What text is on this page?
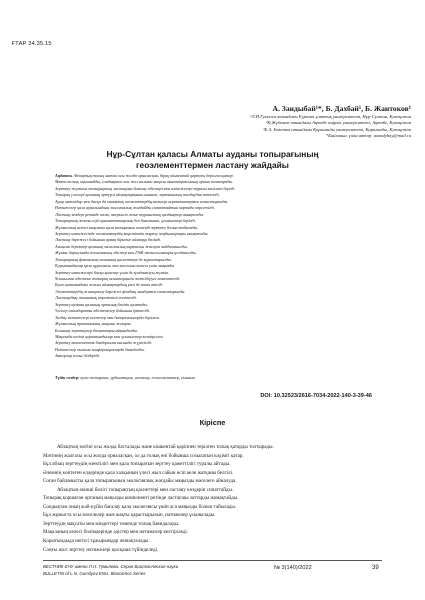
ҒТАР 34.35.15
А. Зандыбай¹*, Б. Дахбай¹, Б. Жантоков¹
¹Л.Н.Гумилев атындағы Еуразия ұлттық университеті, Нұр-Сұлтан, Қазақстан
²Қ.Жұбанов атындағы Ақтөбе өңірлік университеті, Ақтөбе, Қазақстан
³Е.А. Бөкетов атындағы Қарағанды университеті, Қарағанды, Қазақстан
*Байланыс үшін автор: azandybay@mail.ru
Нұр-Сұлтан қаласы Алматы ауданы топырағының
геоэлементтермен ластану жайдайы
Аңдатпа. Абзацтың толық мәтіні осы жолда орналасқан, бірақ кішкентай қаріппен берілген қатар.
Мәтін толық оқылмайды, сондықтан осы жол ғылыми мақала аннотациясының орнын толтырады.
Зерттеу жұмысы топырақтың ластануын бағалау әдістері мен нәтижелері туралы мәлімет береді.
Топырақ үлгілері қаланың әртүрлі аймақтарынан алынып, зертханалық талдаудан өткізілді.
Ауыр металдар мен басқа да химиялық элементтердің мөлшері нормативтермен салыстырылды.
Нәтижелер қала аумағындағы экологиялық жағдайды сипаттайтын картада көрсетілді.
Ластану көздері ретінде көлік, өнеркәсіп және тұрмыстық қалдықтар анықталды.
Топырақтың жалпы күйі қанағаттанарлық деп бағаланып, ұсыныстар берілді.
Жұмыстың негізгі мақсаты қала топырағын кешенді зерттеу болып табылады.
Зерттеу нәтижесінде элементтердің кеңістіктік таралу заңдылықтары анықталды.
Ластану дәрежесі бойынша аумақ бірнеше аймаққа бөлінді.
Алынған деректер қаланың экологиялық картасын жасауға пайдаланылды.
Жұмыс барысында геохимиялық әдістер мен ГАЖ технологиялары қолданылды.
Топырақтың физикалық-химиялық қасиеттері де қарастырылды.
Қорытындылар қала құрылысы мен экология саласы үшін маңызды.
Зерттеу нәтижелері басқа қалалар үшін де қолданылуы мүмкін.
Ұсынылған әдістеме топырақ мониторингін жетілдіруге көмектеседі.
Қала аумағындағы жасыл аймақтардың рөлі де атап өтілді.
Элементтердің жинақталу дәрежесі фондық мәндермен салыстырылды.
Ластанудың жиынтық көрсеткіші есептелді.
Зерттеу аумағы қаланың орталық бөлігін қамтиды.
Үлгілер стандартты әдістемелер бойынша іріктелді.
Талдау нәтижелері кестелер мен диаграммаларда берілген.
Жұмыстың практикалық маңызы жоғары.
Болашақ зерттеулер бағыттары айқындалды.
Мақалада негізгі қорытындылар мен ұсыныстар келтірілген.
Зерттеу мемлекеттік бағдарлама аясында жүргізілді.
Нәтижелер ғылыми конференцияларда баяндалды.
Авторлар алғыс білдіреді.
Түйін сөздер: қала топырағы, урбанизация, ластану, геоэлементтер, сынама.
DOI: 10.32523/2616-7034-2022-140-3-39-46
Кіріспе
Абзацтың мәтіні осы жолда басталады және кішкентай қаріппен терілген толық қатарды толтырады.
Мәтіннің жалғасы осы жолда орналасқан, ол да толық ені бойынша созылатын кәдімгі қатар.
Бұл абзац зерттеудің өзектілігі мен қала топырағын зерттеу қажеттілігі туралы айтады.
Әлемнің көптеген елдерінде қала халқының үлесі жыл сайын өсіп келе жатқаны белгілі.
Соған байланысты қала топырағының экологиялық жағдайы маңызды мәселеге айналуда.
Абзацтың екінші бөлігі топырақтың қасиеттері мен ластану көздерін сипаттайды.
Топырақ қоршаған ортаның маңызды компоненті ретінде ластаушы заттарды жинақтайды.
Сондықтан оның жай-күйін бағалау қала экологиясы үшін аса маңызды болып табылады.
Бұл жұмыста осы мәселелер жан-жақты қарастырылып, нәтижелер ұсынылады.
Зерттеудің мақсаты мен міндеттері төменде толық баяндалады.
Мақаланың келесі бөлімдерінде әдістер мен нәтижелер келтіріледі.
Қорытындыда негізгі тұжырымдар жинақталады.
Соңғы жол: зерттеу нәтижелері қысқаша түйінделеді.
ВЕСТНИК ЕНУ имени Л.Н. Гумилева. Серия Биологические науки
BULLETIN of L.N. Gumilyov ENU. Bioscience Series
№ 3(140)/2022	39
